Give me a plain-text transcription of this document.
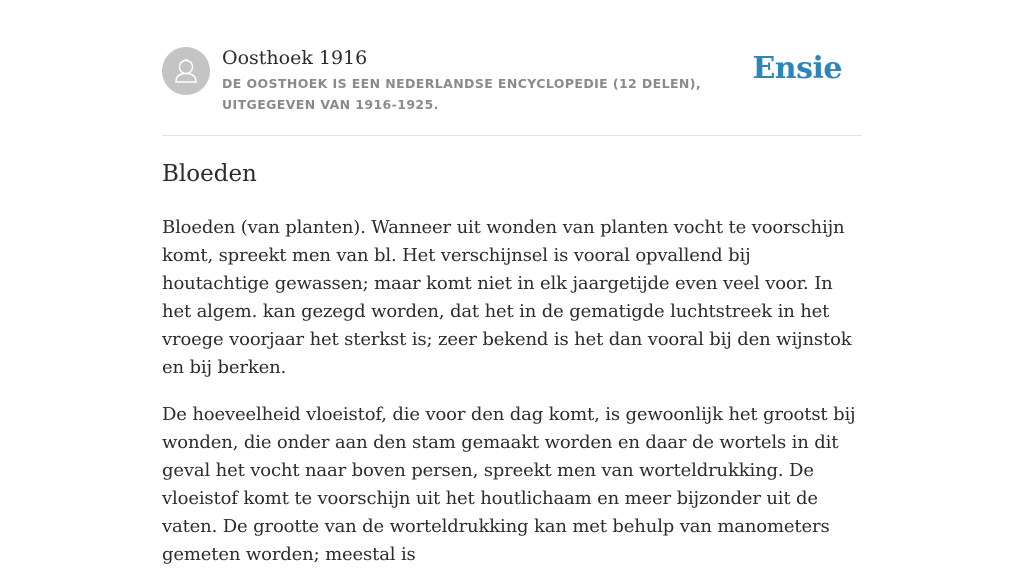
Oosthoek 1916

DE OOSTHOEK IS EEN NEDERLANDSE ENCYCLOPEDIE (12 DELEN), UITGEGEVEN VAN 1916-1925.

Ensie
Bloeden

Bloeden (van planten). Wanneer uit wonden van planten vocht te voorschijn komt, spreekt men van bl. Het verschijnsel is vooral opvallend bij houtachtige gewassen; maar komt niet in elk jaargetijde even veel voor. In het algem. kan gezegd worden, dat het in de gematigde luchtstreek in het vroege voorjaar het sterkst is; zeer bekend is het dan vooral bij den wijnstok en bij berken.

De hoeveelheid vloeistof, die voor den dag komt, is gewoonlijk het grootst bij wonden, die onder aan den stam gemaakt worden en daar de wortels in dit geval het vocht naar boven persen, spreekt men van worteldrukking. De vloeistof komt te voorschijn uit het houtlichaam en meer bijzonder uit de vaten. De grootte van de worteldrukking kan met behulp van manometers gemeten worden; meestal is
